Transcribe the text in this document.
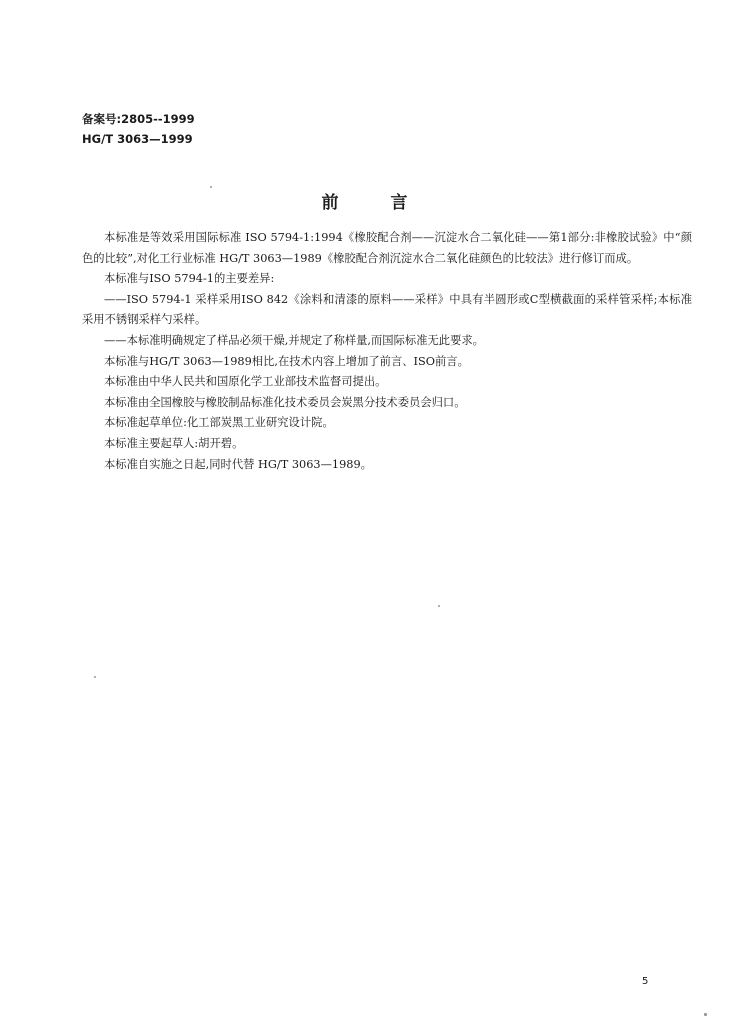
备案号:2805--1999
HG/T 3063—1999
前言

本标准是等效采用国际标准 ISO 5794-1:1994《橡胶配合剂——沉淀水合二氧化硅——第1部分:非橡胶试验》中“颜色的比较”,对化工行业标准 HG/T 3063—1989《橡胶配合剂沉淀水合二氧化硅颜色的比较法》进行修订而成。

本标准与ISO 5794-1的主要差异:

——ISO 5794-1 采样采用ISO 842《涂料和清漆的原料——采样》中具有半圆形或C型横截面的采样管采样;本标准采用不锈钢采样勺采样。

——本标准明确规定了样品必须干燥,并规定了称样量,而国际标准无此要求。

本标准与HG/T 3063—1989相比,在技术内容上增加了前言、ISO前言。

本标准由中华人民共和国原化学工业部技术监督司提出。

本标准由全国橡胶与橡胶制品标准化技术委员会炭黑分技术委员会归口。

本标准起草单位:化工部炭黑工业研究设计院。

本标准主要起草人:胡开碧。

本标准自实施之日起,同时代替 HG/T 3063—1989。

5
